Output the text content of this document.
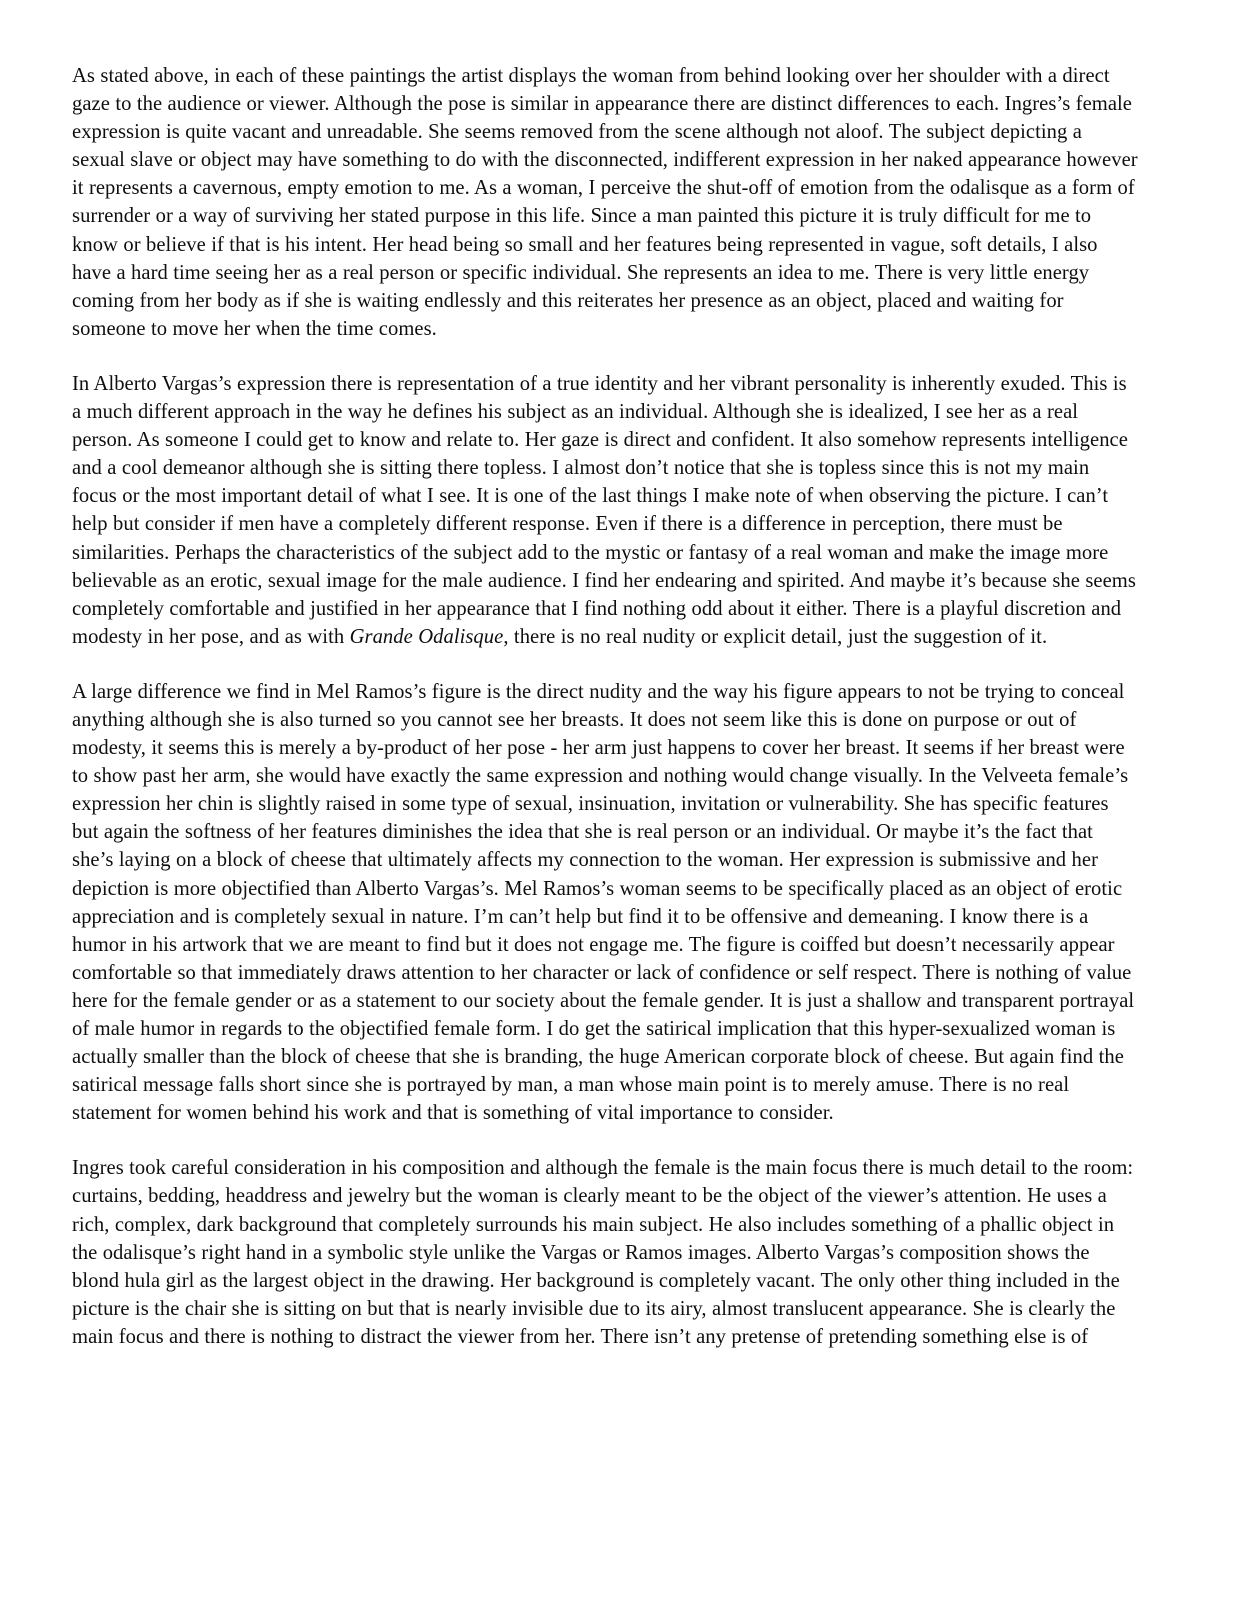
As stated above, in each of these paintings the artist displays the woman from behind looking over her shoulder with a direct gaze to the audience or viewer. Although the pose is similar in appearance there are distinct differences to each. Ingres’s female expression is quite vacant and unreadable. She seems removed from the scene although not aloof. The subject depicting a sexual slave or object may have something to do with the disconnected, indifferent expression in her naked appearance however it represents a cavernous, empty emotion to me. As a woman, I perceive the shut-off of emotion from the odalisque as a form of surrender or a way of surviving her stated purpose in this life. Since a man painted this picture it is truly difficult for me to know or believe if that is his intent. Her head being so small and her features being represented in vague, soft details, I also have a hard time seeing her as a real person or specific individual. She represents an idea to me. There is very little energy coming from her body as if she is waiting endlessly and this reiterates her presence as an object, placed and waiting for someone to move her when the time comes.

In Alberto Vargas’s expression there is representation of a true identity and her vibrant personality is inherently exuded. This is a much different approach in the way he defines his subject as an individual. Although she is idealized, I see her as a real person. As someone I could get to know and relate to. Her gaze is direct and confident. It also somehow represents intelligence and a cool demeanor although she is sitting there topless. I almost don’t notice that she is topless since this is not my main focus or the most important detail of what I see. It is one of the last things I make note of when observing the picture. I can’t help but consider if men have a completely different response. Even if there is a difference in perception, there must be similarities. Perhaps the characteristics of the subject add to the mystic or fantasy of a real woman and make the image more believable as an erotic, sexual image for the male audience. I find her endearing and spirited. And maybe it’s because she seems completely comfortable and justified in her appearance that I find nothing odd about it either. There is a playful discretion and modesty in her pose, and as with Grande Odalisque, there is no real nudity or explicit detail, just the suggestion of it.

A large difference we find in Mel Ramos’s figure is the direct nudity and the way his figure appears to not be trying to conceal anything although she is also turned so you cannot see her breasts. It does not seem like this is done on purpose or out of modesty, it seems this is merely a by-product of her pose - her arm just happens to cover her breast. It seems if her breast were to show past her arm, she would have exactly the same expression and nothing would change visually. In the Velveeta female’s expression her chin is slightly raised in some type of sexual, insinuation, invitation or vulnerability. She has specific features but again the softness of her features diminishes the idea that she is real person or an individual. Or maybe it’s the fact that she’s laying on a block of cheese that ultimately affects my connection to the woman. Her expression is submissive and her depiction is more objectified than Alberto Vargas’s. Mel Ramos’s woman seems to be specifically placed as an object of erotic appreciation and is completely sexual in nature. I’m can’t help but find it to be offensive and demeaning. I know there is a humor in his artwork that we are meant to find but it does not engage me. The figure is coiffed but doesn’t necessarily appear comfortable so that immediately draws attention to her character or lack of confidence or self respect. There is nothing of value here for the female gender or as a statement to our society about the female gender. It is just a shallow and transparent portrayal of male humor in regards to the objectified female form. I do get the satirical implication that this hyper-sexualized woman is actually smaller than the block of cheese that she is branding, the huge American corporate block of cheese. But again find the satirical message falls short since she is portrayed by man, a man whose main point is to merely amuse. There is no real statement for women behind his work and that is something of vital importance to consider.

Ingres took careful consideration in his composition and although the female is the main focus there is much detail to the room: curtains, bedding, headdress and jewelry but the woman is clearly meant to be the object of the viewer’s attention. He uses a rich, complex, dark background that completely surrounds his main subject. He also includes something of a phallic object in the odalisque’s right hand in a symbolic style unlike the Vargas or Ramos images. Alberto Vargas’s composition shows the blond hula girl as the largest object in the drawing. Her background is completely vacant. The only other thing included in the picture is the chair she is sitting on but that is nearly invisible due to its airy, almost translucent appearance. She is clearly the main focus and there is nothing to distract the viewer from her. There isn’t any pretense of pretending something else is of
